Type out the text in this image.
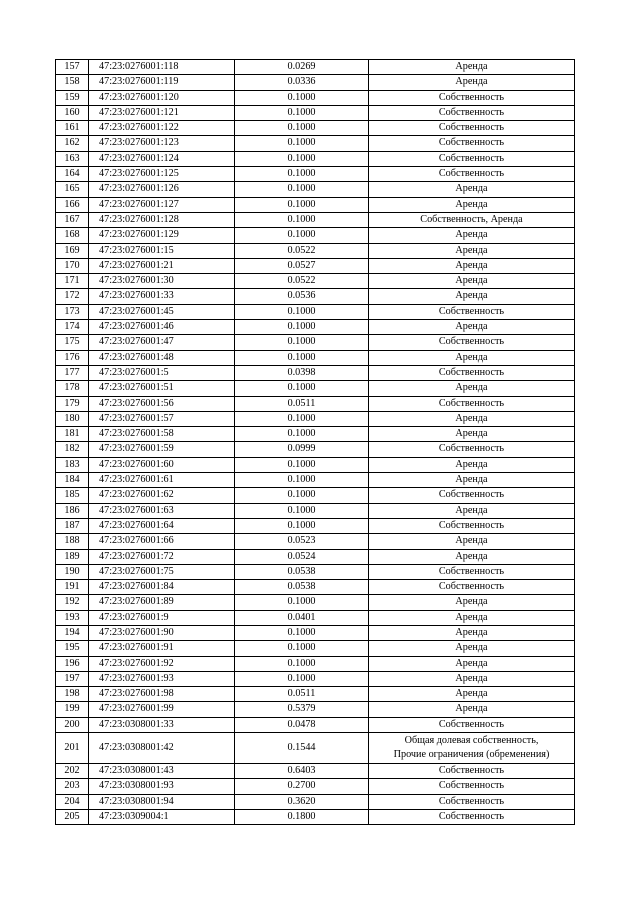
157	47:23:0276001:118	0.0269	Аренда
158	47:23:0276001:119	0.0336	Аренда
159	47:23:0276001:120	0.1000	Собственность
160	47:23:0276001:121	0.1000	Собственность
161	47:23:0276001:122	0.1000	Собственность
162	47:23:0276001:123	0.1000	Собственность
163	47:23:0276001:124	0.1000	Собственность
164	47:23:0276001:125	0.1000	Собственность
165	47:23:0276001:126	0.1000	Аренда
166	47:23:0276001:127	0.1000	Аренда
167	47:23:0276001:128	0.1000	Собственность, Аренда
168	47:23:0276001:129	0.1000	Аренда
169	47:23:0276001:15	0.0522	Аренда
170	47:23:0276001:21	0.0527	Аренда
171	47:23:0276001:30	0.0522	Аренда
172	47:23:0276001:33	0.0536	Аренда
173	47:23:0276001:45	0.1000	Собственность
174	47:23:0276001:46	0.1000	Аренда
175	47:23:0276001:47	0.1000	Собственность
176	47:23:0276001:48	0.1000	Аренда
177	47:23:0276001:5	0.0398	Собственность
178	47:23:0276001:51	0.1000	Аренда
179	47:23:0276001:56	0.0511	Собственность
180	47:23:0276001:57	0.1000	Аренда
181	47:23:0276001:58	0.1000	Аренда
182	47:23:0276001:59	0.0999	Собственность
183	47:23:0276001:60	0.1000	Аренда
184	47:23:0276001:61	0.1000	Аренда
185	47:23:0276001:62	0.1000	Собственность
186	47:23:0276001:63	0.1000	Аренда
187	47:23:0276001:64	0.1000	Собственность
188	47:23:0276001:66	0.0523	Аренда
189	47:23:0276001:72	0.0524	Аренда
190	47:23:0276001:75	0.0538	Собственность
191	47:23:0276001:84	0.0538	Собственность
192	47:23:0276001:89	0.1000	Аренда
193	47:23:0276001:9	0.0401	Аренда
194	47:23:0276001:90	0.1000	Аренда
195	47:23:0276001:91	0.1000	Аренда
196	47:23:0276001:92	0.1000	Аренда
197	47:23:0276001:93	0.1000	Аренда
198	47:23:0276001:98	0.0511	Аренда
199	47:23:0276001:99	0.5379	Аренда
200	47:23:0308001:33	0.0478	Собственность
201	47:23:0308001:42	0.1544	Общая долевая собственность,
Прочие ограничения (обременения)

202	47:23:0308001:43	0.6403	Собственность
203	47:23:0308001:93	0.2700	Собственность
204	47:23:0308001:94	0.3620	Собственность
205	47:23:0309004:1	0.1800	Собственность
